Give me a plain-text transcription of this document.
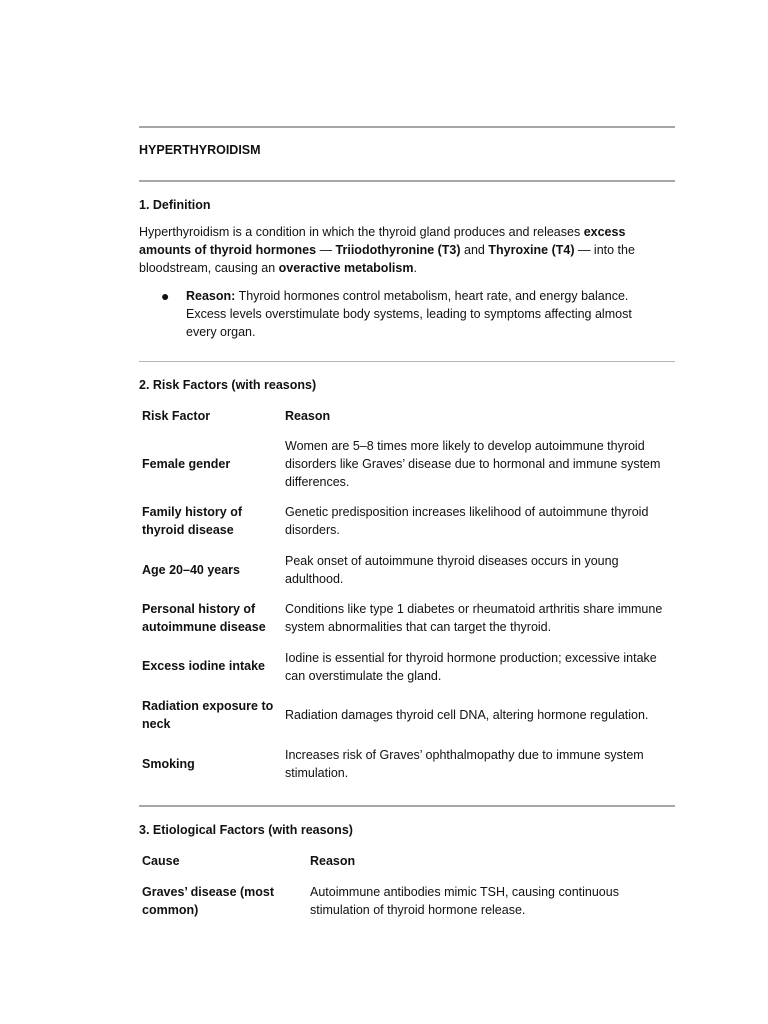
HYPERTHYROIDISM
1. Definition
Hyperthyroidism is a condition in which the thyroid gland produces and releases excess amounts of thyroid hormones — Triiodothyronine (T3) and Thyroxine (T4) — into the bloodstream, causing an overactive metabolism.
● Reason: Thyroid hormones control metabolism, heart rate, and energy balance. Excess levels overstimulate body systems, leading to symptoms affecting almost every organ.
2. Risk Factors (with reasons)
Risk Factor	Reason
Female gender
Women are 5–8 times more likely to develop autoimmune thyroid disorders like Graves’ disease due to hormonal and immune system differences.
Family history of thyroid disease
Genetic predisposition increases likelihood of autoimmune thyroid disorders.
Age 20–40 years
Peak onset of autoimmune thyroid diseases occurs in young adulthood.
Personal history of autoimmune disease
Conditions like type 1 diabetes or rheumatoid arthritis share immune system abnormalities that can target the thyroid.
Excess iodine intake
Iodine is essential for thyroid hormone production; excessive intake can overstimulate the gland.
Radiation exposure to neck
Radiation damages thyroid cell DNA, altering hormone regulation.
Smoking
Increases risk of Graves’ ophthalmopathy due to immune system stimulation.
3. Etiological Factors (with reasons)
Cause	Reason
Graves’ disease (most common)
Autoimmune antibodies mimic TSH, causing continuous stimulation of thyroid hormone release.
